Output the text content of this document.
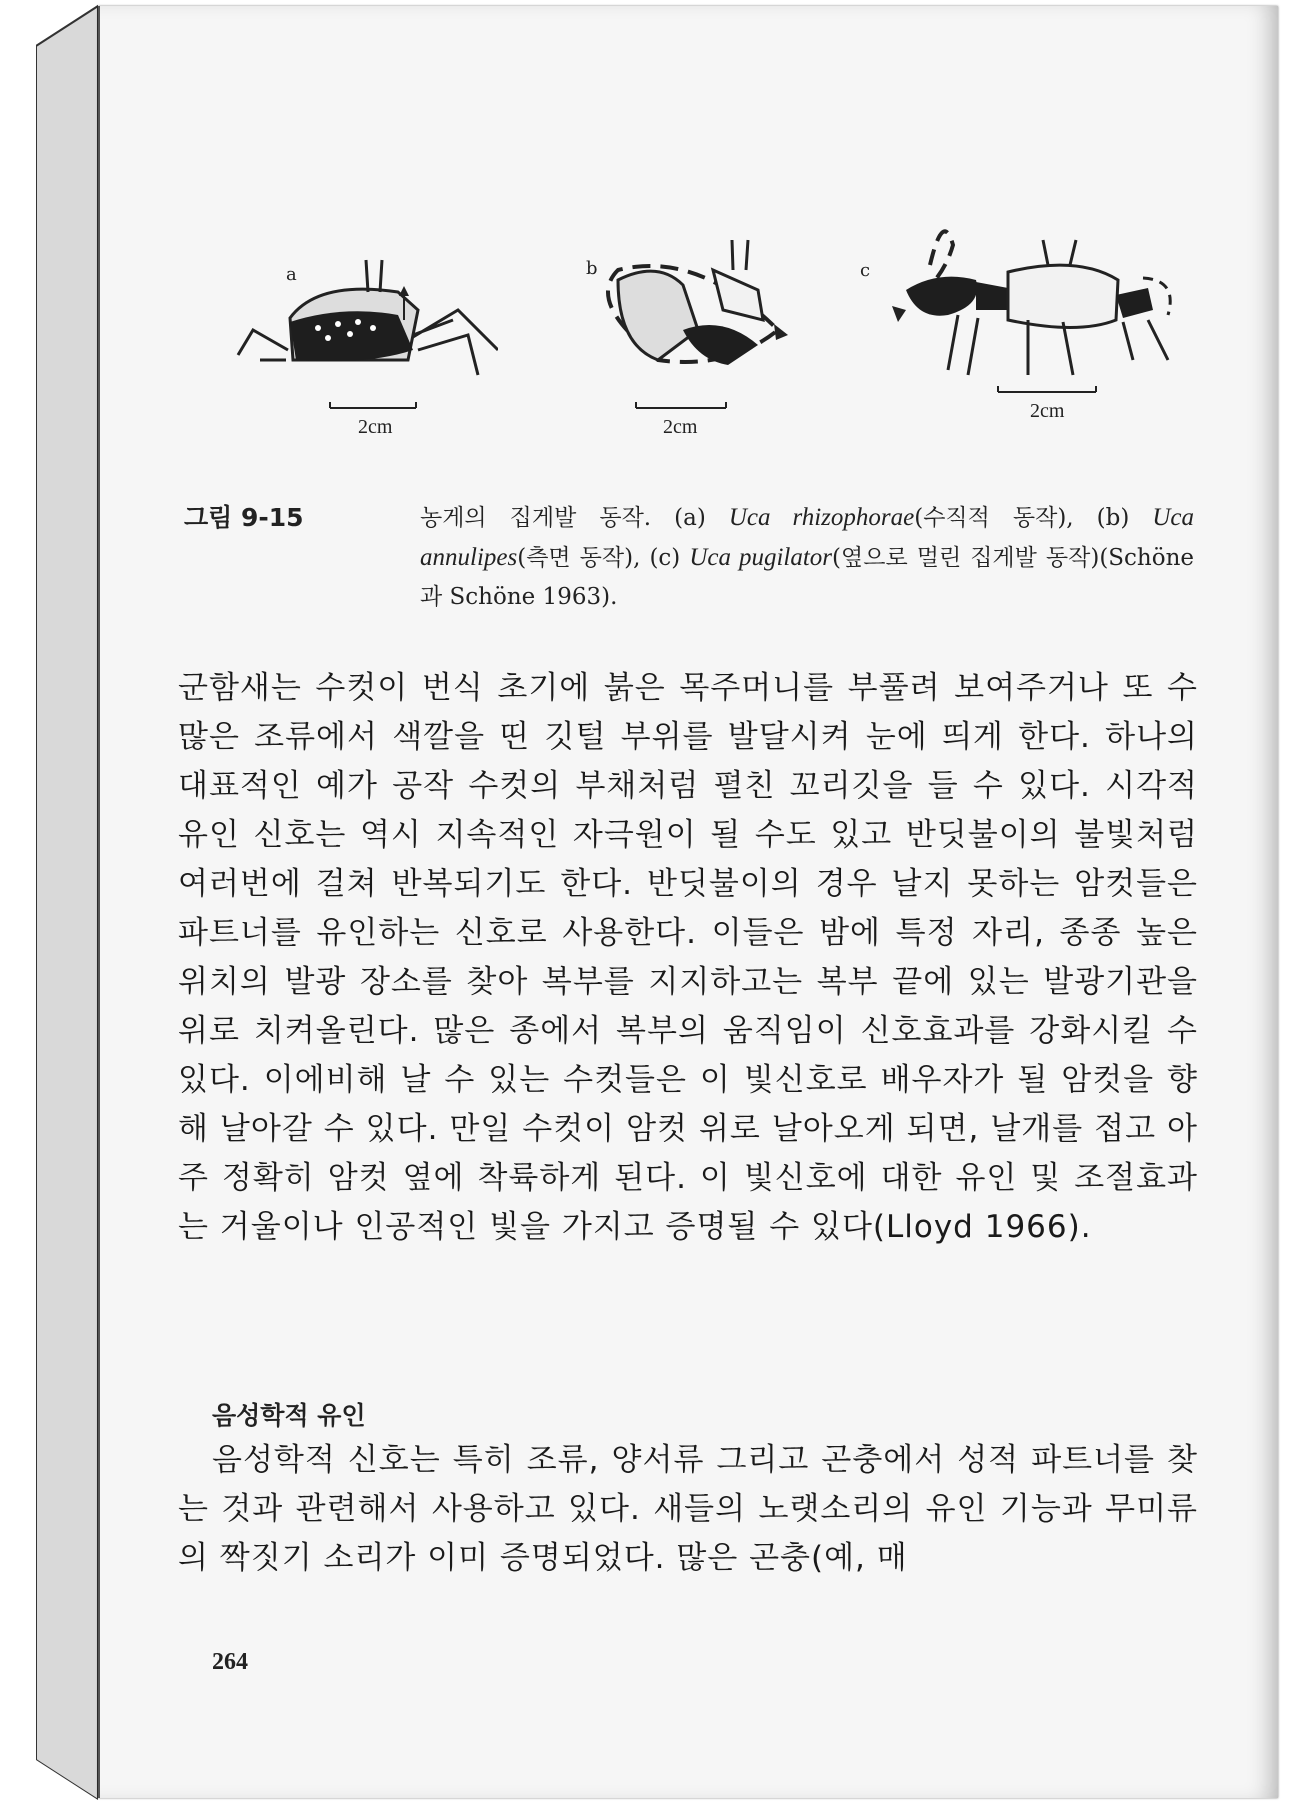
a
2cm
b
2cm
c
2cm
그림 9-15	농게의 집게발 동작. (a) Uca rhizophorae(수직적 동작), (b) Uca annulipes(측면 동작), (c) Uca pugilator(옆으로 멀린 집게발 동작)(Schöne과 Schöne 1963).
군함새는 수컷이 번식 초기에 붉은 목주머니를 부풀려 보여주거나 또 수많은 조류에서 색깔을 띤 깃털 부위를 발달시켜 눈에 띄게 한다. 하나의 대표적인 예가 공작 수컷의 부채처럼 펼친 꼬리깃을 들 수 있다. 시각적 유인 신호는 역시 지속적인 자극원이 될 수도 있고 반딧불이의 불빛처럼 여러번에 걸쳐 반복되기도 한다. 반딧불이의 경우 날지 못하는 암컷들은 파트너를 유인하는 신호로 사용한다. 이들은 밤에 특정 자리, 종종 높은 위치의 발광 장소를 찾아 복부를 지지하고는 복부 끝에 있는 발광기관을 위로 치켜올린다. 많은 종에서 복부의 움직임이 신호효과를 강화시킬 수 있다. 이에비해 날 수 있는 수컷들은 이 빛신호로 배우자가 될 암컷을 향해 날아갈 수 있다. 만일 수컷이 암컷 위로 날아오게 되면, 날개를 접고 아주 정확히 암컷 옆에 착륙하게 된다. 이 빛신호에 대한 유인 및 조절효과는 거울이나 인공적인 빛을 가지고 증명될 수 있다(Lloyd 1966).
음성학적 유인
음성학적 신호는 특히 조류, 양서류 그리고 곤충에서 성적 파트너를 찾는 것과 관련해서 사용하고 있다. 새들의 노랫소리의 유인 기능과 무미류의 짝짓기 소리가 이미 증명되었다. 많은 곤충(예, 매
264
